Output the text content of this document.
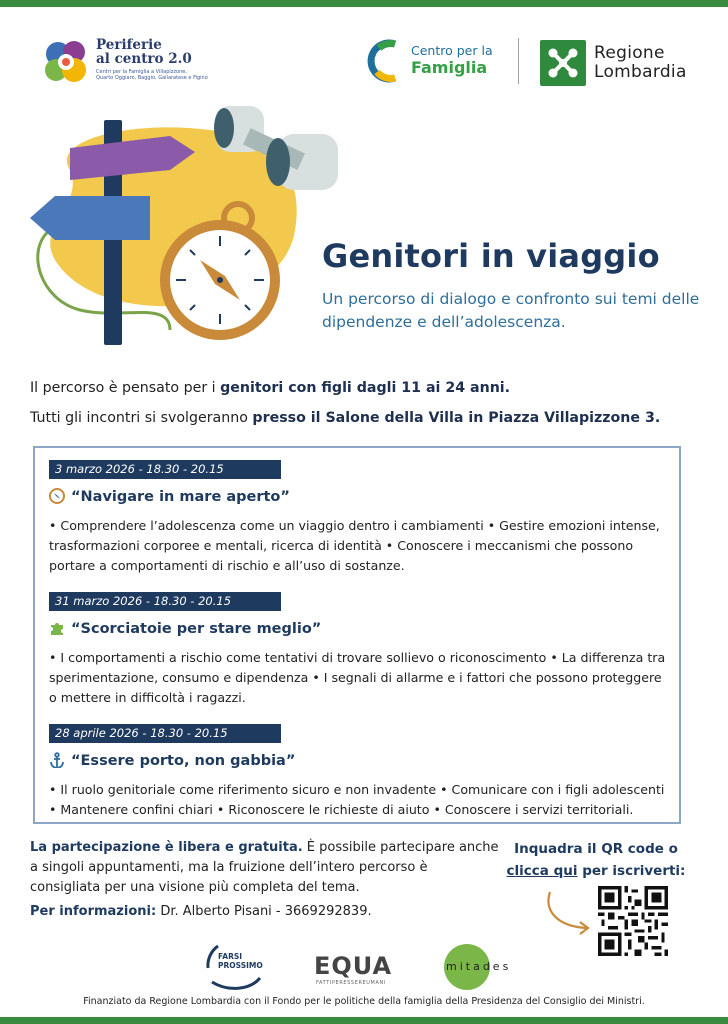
Periferie
al centro 2.0
Centri per la Famiglia a Villapizzone,
Quarto Oggiaro, Baggio, Gallaratese e Figino
Centro per la
Famiglia
Regione
Lombardia
Genitori in viaggio
Un percorso di dialogo e confronto sui temi delle dipendenze e dell’adolescenza.
Il percorso è pensato per i genitori con figli dagli 11 ai 24 anni.
Tutti gli incontri si svolgeranno presso il Salone della Villa in Piazza Villapizzone 3.
3 marzo 2026 - 18.30 - 20.15
“Navigare in mare aperto”
• Comprendere l’adolescenza come un viaggio dentro i cambiamenti • Gestire emozioni intense, trasformazioni corporee e mentali, ricerca di identità • Conoscere i meccanismi che possono portare a comportamenti di rischio e all’uso di sostanze.
31 marzo 2026 - 18.30 - 20.15
“Scorciatoie per stare meglio”
• I comportamenti a rischio come tentativi di trovare sollievo o riconoscimento • La differenza tra sperimentazione, consumo e dipendenza • I segnali di allarme e i fattori che possono proteggere o mettere in difficoltà i ragazzi.
28 aprile 2026 - 18.30 - 20.15
“Essere porto, non gabbia”
• Il ruolo genitoriale come riferimento sicuro e non invadente • Comunicare con i figli adolescenti • Mantenere confini chiari • Riconoscere le richieste di aiuto • Conoscere i servizi territoriali.
La partecipazione è libera e gratuita. È possibile partecipare anche a singoli appuntamenti, ma la fruizione dell’intero percorso è consigliata per una visione più completa del tema.
Per informazioni: Dr. Alberto Pisani - 3669292839.
Inquadra il QR code o
clicca qui per iscriverti:
FARSI
PROSSIMO EQUA
FATTIPERESSEREUMANI
mitades
Finanziato da Regione Lombardia con il Fondo per le politiche della famiglia della Presidenza del Consiglio dei Ministri.
